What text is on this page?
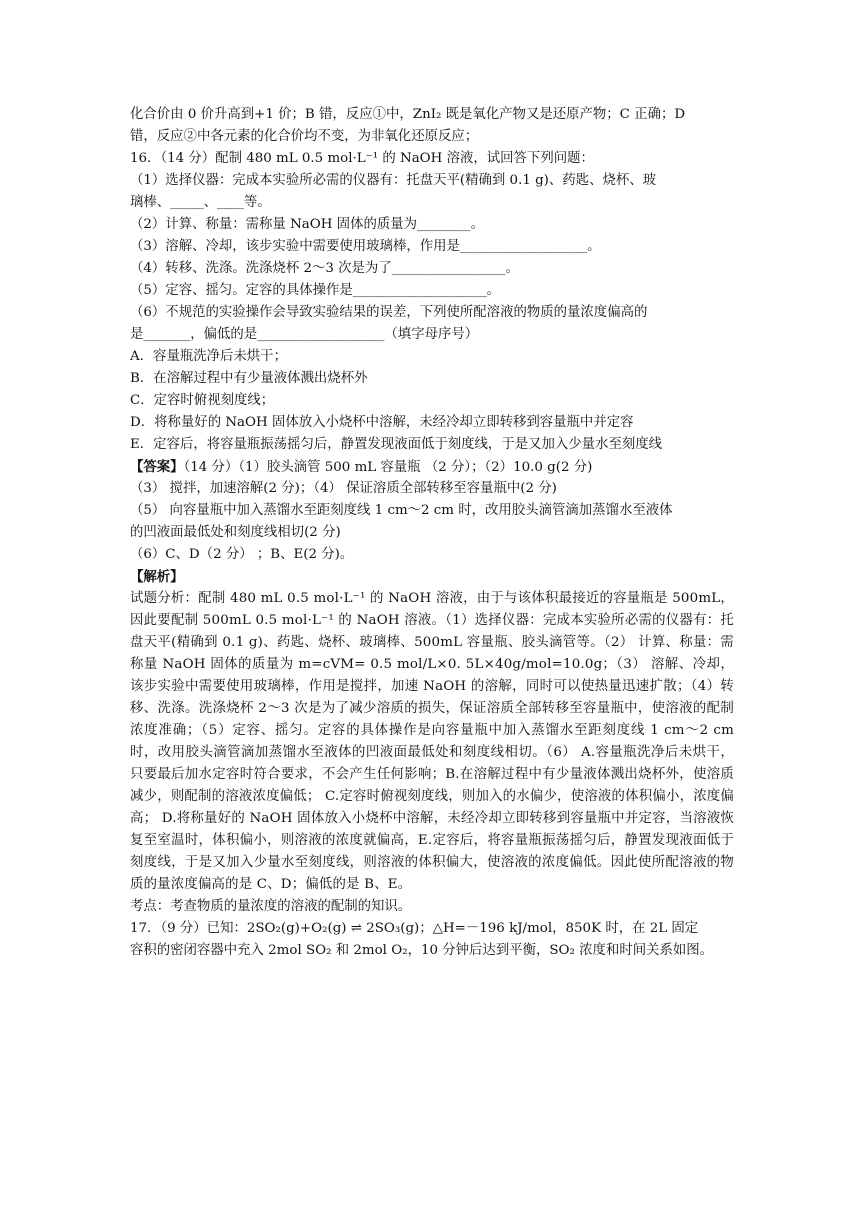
化合价由 0 价升高到+1 价；B 错，反应①中，ZnI₂ 既是氧化产物又是还原产物；C 正确；D
错，反应②中各元素的化合价均不变，为非氧化还原反应；
16．（14 分）配制 480 mL 0.5 mol·L⁻¹ 的 NaOH 溶液，试回答下列问题：
（1）选择仪器：完成本实验所必需的仪器有：托盘天平(精确到 0.1 g)、药匙、烧杯、玻
璃棒、_____、____等。
（2）计算、称量：需称量 NaOH 固体的质量为________。
（3）溶解、冷却，该步实验中需要使用玻璃棒，作用是___________________。
（4）转移、洗涤。洗涤烧杯 2～3 次是为了_________________。
（5）定容、摇匀。定容的具体操作是____________________。
（6）不规范的实验操作会导致实验结果的误差，下列使所配溶液的物质的量浓度偏高的
是_______，偏低的是___________________（填字母序号）
A．容量瓶洗净后未烘干；
B．在溶解过程中有少量液体溅出烧杯外
C．定容时俯视刻度线；
D．将称量好的 NaOH 固体放入小烧杯中溶解，未经冷却立即转移到容量瓶中并定容
E．定容后，将容量瓶振荡摇匀后，静置发现液面低于刻度线，于是又加入少量水至刻度线
【答案】（14 分）（1）胶头滴管 500 mL 容量瓶 （2 分）；（2）10.0 g(2 分)
（3） 搅拌，加速溶解(2 分)；（4） 保证溶质全部转移至容量瓶中(2 分)
（5） 向容量瓶中加入蒸馏水至距刻度线 1 cm～2 cm 时，改用胶头滴管滴加蒸馏水至液体
的凹液面最低处和刻度线相切(2 分)
（6）C、D（2 分） ；B、E(2 分)。
【解析】
试题分析：配制 480 mL 0.5 mol·L⁻¹ 的 NaOH 溶液，由于与该体积最接近的容量瓶是 500mL，因此要配制 500mL 0.5 mol·L⁻¹ 的 NaOH 溶液。（1）选择仪器：完成本实验所必需的仪器有：托盘天平(精确到 0.1 g)、药匙、烧杯、玻璃棒、500mL 容量瓶、胶头滴管等。（2） 计算、称量：需称量 NaOH 固体的质量为 m=cVM= 0.5 mol/L×0. 5L×40g/mol=10.0g；（3） 溶解、冷却，该步实验中需要使用玻璃棒，作用是搅拌，加速 NaOH 的溶解，同时可以使热量迅速扩散；（4）转移、洗涤。洗涤烧杯 2～3 次是为了减少溶质的损失，保证溶质全部转移至容量瓶中，使溶液的配制浓度准确；（5）定容、摇匀。定容的具体操作是向容量瓶中加入蒸馏水至距刻度线 1 cm～2 cm 时，改用胶头滴管滴加蒸馏水至液体的凹液面最低处和刻度线相切。（6） A.容量瓶洗净后未烘干，只要最后加水定容时符合要求，不会产生任何影响；B.在溶解过程中有少量液体溅出烧杯外，使溶质减少，则配制的溶液浓度偏低； C.定容时俯视刻度线，则加入的水偏少，使溶液的体积偏小，浓度偏高； D.将称量好的 NaOH 固体放入小烧杯中溶解，未经冷却立即转移到容量瓶中并定容，当溶液恢复至室温时，体积偏小，则溶液的浓度就偏高，E.定容后，将容量瓶振荡摇匀后，静置发现液面低于刻度线，于是又加入少量水至刻度线，则溶液的体积偏大，使溶液的浓度偏低。因此使所配溶液的物质的量浓度偏高的是 C、D；偏低的是 B、E。
考点：考查物质的量浓度的溶液的配制的知识。
17．（9 分）已知：2SO₂(g)+O₂(g) ⇌ 2SO₃(g)；△H=－196 kJ/mol，850K 时，在 2L 固定
容积的密闭容器中充入 2mol SO₂ 和 2mol O₂，10 分钟后达到平衡，SO₂ 浓度和时间关系如图。
